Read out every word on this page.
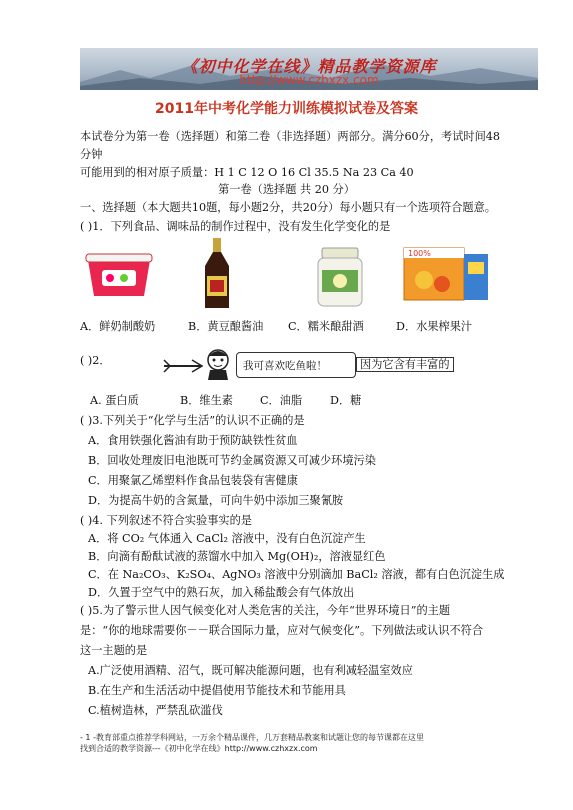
《初中化学在线》精品教学资源库
http://www.czhxzx.com
2011年中考化学能力训练模拟试卷及答案
本试卷分为第一卷（选择题）和第二卷（非选择题）两部分。满分60分，考试时间48
分钟
可能用到的相对原子质量：H 1 C 12 O 16 Cl 35.5 Na 23 Ca 40
第一卷（选择题 共 20 分）
一、选择题（本大题共10题，每小题2分，共20分）每小题只有一个选项符合题意。
( )1．下列食品、调味品的制作过程中，没有发生化学变化的是
100%
A．鲜奶制酸奶	B．黄豆酿酱油 C．糯米酿甜酒	D．水果榨果汁
( )2．	我可喜欢吃鱼啦！	因为它含有丰富的
A. 蛋白质	B．维生素 C．油脂 D．糖
( )3.下列关于“化学与生活”的认识不正确的是
A．食用铁强化酱油有助于预防缺铁性贫血
B．回收处理废旧电池既可节约金属资源又可减少环境污染
C．用聚氯乙烯塑料作食品包装袋有害健康
D．为提高牛奶的含氮量，可向牛奶中添加三聚氰胺
( )4. 下列叙述不符合实验事实的是
A．将 CO₂ 气体通入 CaCl₂ 溶液中，没有白色沉淀产生
B．向滴有酚酞试液的蒸馏水中加入 Mg(OH)₂，溶液显红色
C．在 Na₂CO₃、K₂SO₄、AgNO₃ 溶液中分别滴加 BaCl₂ 溶液，都有白色沉淀生成
D．久置于空气中的熟石灰，加入稀盐酸会有气体放出
( )5.为了警示世人因气候变化对人类危害的关注，今年“世界环境日”的主题
是：“你的地球需要你－－联合国际力量，应对气候变化”。下列做法或认识不符合
这一主题的是
A.广泛使用酒精、沼气，既可解决能源问题，也有利减轻温室效应
B.在生产和生活活动中提倡使用节能技术和节能用具
C.植树造林，严禁乱砍滥伐
- 1 -教育部重点推荐学科网站，一万余个精品课件，几万套精品教案和试题让您的每节课都在这里
找到合适的教学资源---《初中化学在线》http://www.czhxzx.com
